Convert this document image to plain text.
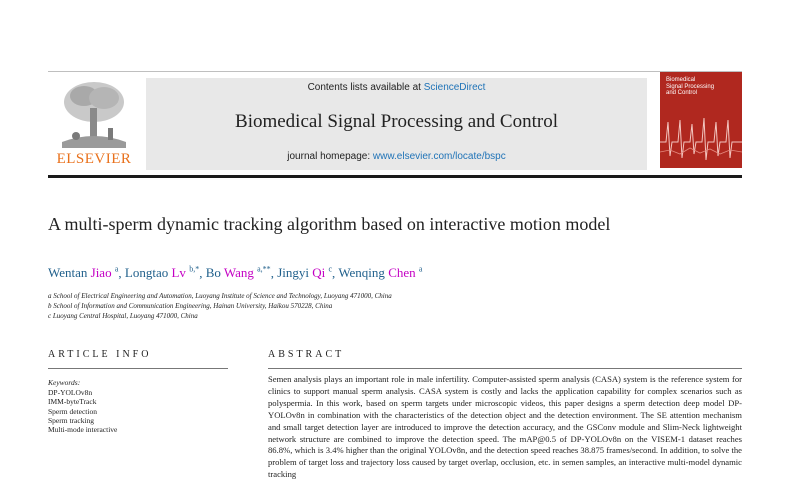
ELSEVIER
Contents lists available at ScienceDirect
Biomedical Signal Processing and Control
journal homepage: www.elsevier.com/locate/bspc
Biomedical
Signal Processing
and Control
A multi-sperm dynamic tracking algorithm based on interactive motion model
Wentan Jiao $^a$, Longtao Lv $^{b,*}$, Bo Wang $^{a,**}$, Jingyi Qi $^c$, Wenqing Chen $^a$
a School of Electrical Engineering and Automation, Luoyang Institute of Science and Technology, Luoyang 471000, China
b School of Information and Communication Engineering, Hainan University, Haikou 570228, China
c Luoyang Central Hospital, Luoyang 471000, China
ARTICLE INFO	ABSTRACT
Keywords:
DP-YOLOv8n
IMM-byteTrack
Sperm detection
Sperm tracking
Multi-mode interactive
Semen analysis plays an important role in male infertility. Computer-assisted sperm analysis (CASA) system is the reference system for clinics to support manual sperm analysis. CASA system is costly and lacks the application capability for complex scenarios such as polyspermia. In this work, based on sperm targets under microscopic videos, this paper designs a sperm detection deep model DP-YOLOv8n in combination with the characteristics of the detection object and the detection environment. The SE attention mechanism and small target detection layer are introduced to improve the detection accuracy, and the GSConv module and Slim-Neck lightweight network structure are combined to improve the detection speed. The mAP@0.5 of DP-YOLOv8n on the VISEM-1 dataset reaches 86.8%, which is 3.4% higher than the original YOLOv8n, and the detection speed reaches 38.875 frames/second. In addition, to solve the problem of target loss and trajectory loss caused by target overlap, occlusion, etc. in semen samples, an interactive multi-model dynamic tracking
